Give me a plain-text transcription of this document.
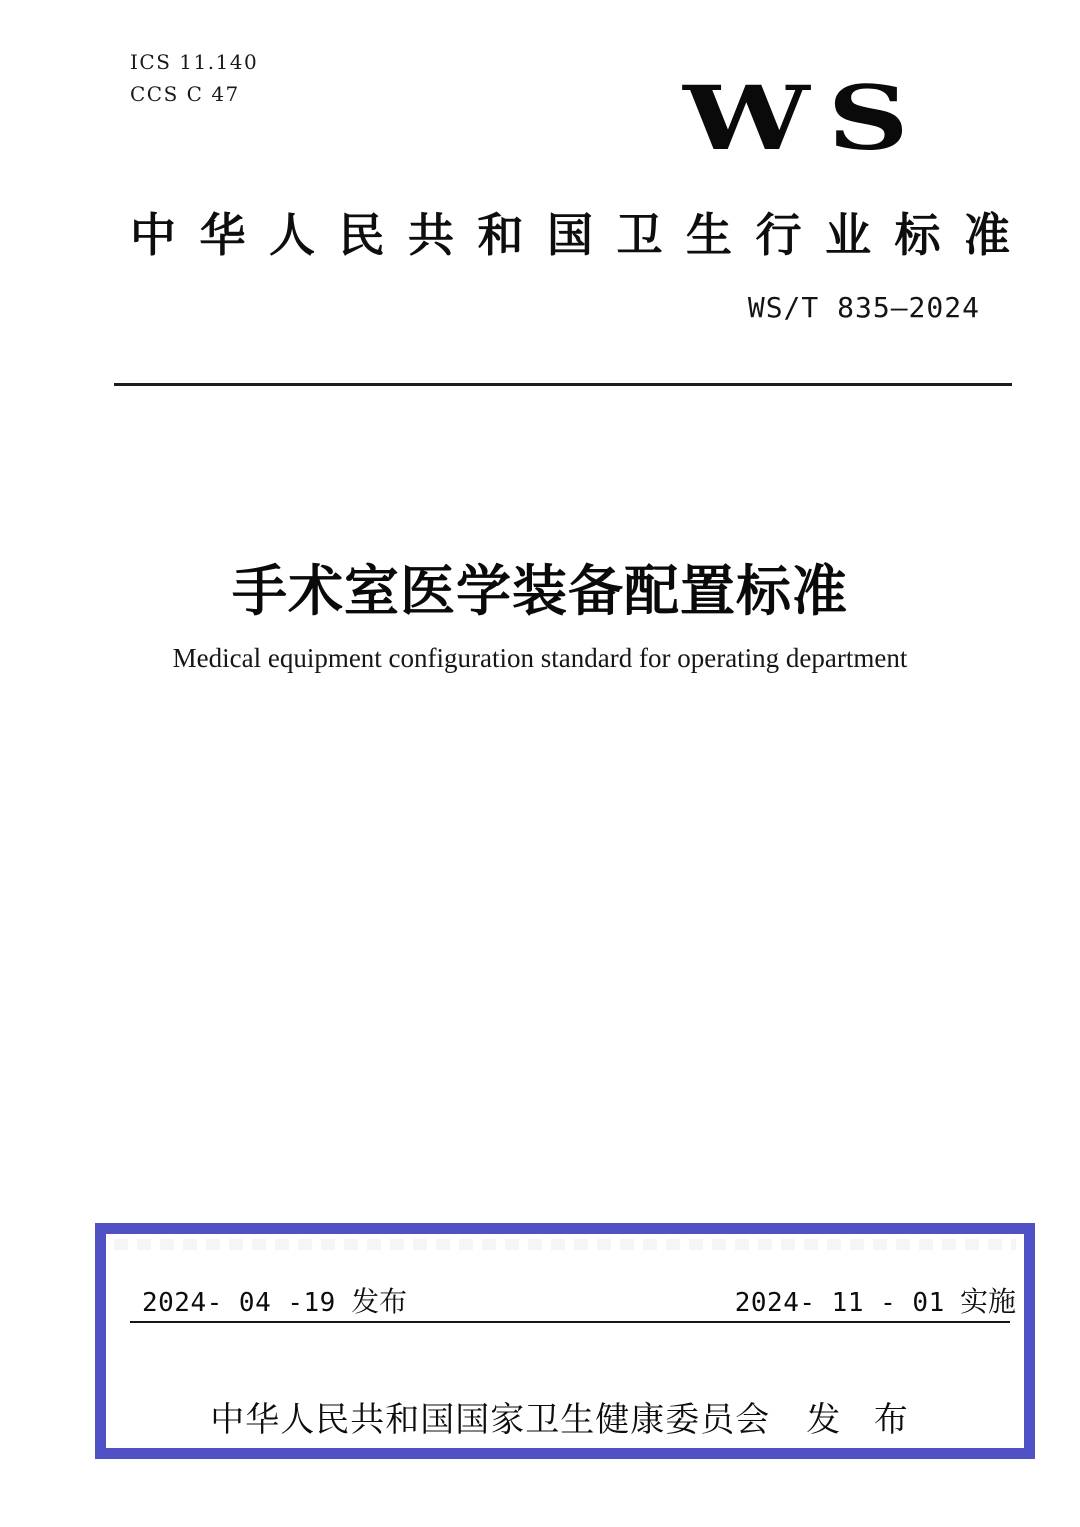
ICS 11.140
CCS C 47	WS
中 华 人 民 共 和 国 卫 生 行 业 标 准
WS/T 835—2024
手术室医学装备配置标准
Medical equipment configuration standard for operating department
2024- 04 -19 发布	2024- 11 - 01 实施
中华人民共和国国家卫生健康委员会 发 布
